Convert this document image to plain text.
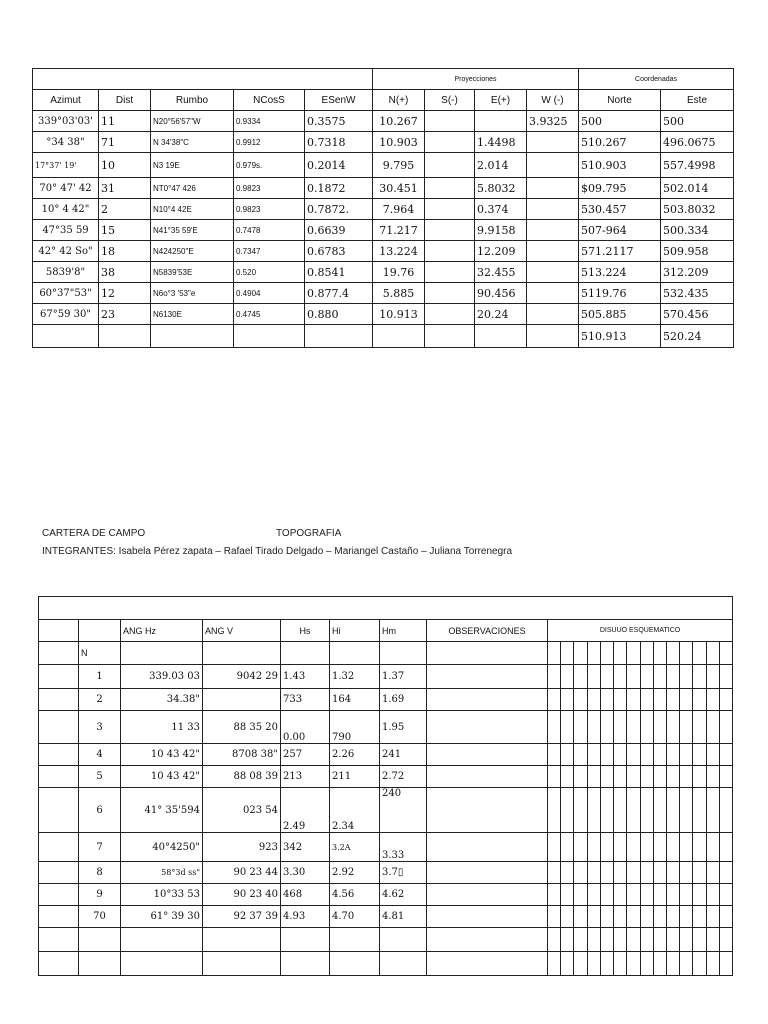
					Proyecciones				Coordenadas	
Azimut	Dist	Rumbo	NCosS	ESenW	N(+)	S(-)	E(+)	W (-)	Norte	Este
339°03'03'	11	N20°56'57"W	0.9334	0.3575	10.267			3.9325	500	500
°34 38"	71	N 34'38"C	0.9912	0.7318	10.903		1.4498		510.267	496.0675
17°37' 19'	10	N3 19E	0.979s.	0.2014	9.795		2.014		510.903	557.4998
70° 47' 42	31	NT0°47 426	0.9823	0.1872	30.451		5.8032		$09.795	502.014
10° 4 42"	2	N10°4 42E	0.9823	0.7872.	7.964		0.374		530.457	503.8032
47°35 59	15	N41°35 59'E	0.7478	0.6639	71.217		9.9158		507-964	500.334
42° 42 So"	18	N424250"E	0.7347	0.6783	13.224		12.209		571.2117	509.958
5839'8"	38	N5839'53E	0.520	0.8541	19.76		32.455		513.224	312.209
60°37"53"	12	N6o°3 '53"e	0.4904	0.877.4	5.885		90.456		5119.76	532.435
67°59 30"	23	N6130E	0.4745	0.880	10.913		20.24		505.885	570.456
									510.913	520.24
CARTERA DE CAMPO	TOPOGRAFIA
INTEGRANTES: Isabela Pérez zapata – Rafael Tirado Delgado – Mariangel Castaño – Juliana Torrenegra

		ANG Hz	ANG V	Hs	Hi	Hm	OBSERVACIONES	DISUUO ESQUEMATICO
	N							

	1	339.03 03	9042 29	1.43	1.32	1.37		

	2	34.38"		733	164	1.69		

	3	11 33	88 35 20	0.00	790	1.95		

	4	10 43 42"	8708 38"	257	2.26	241		

	5	10 43 42"	88 08 39	213	211	2.72		

	6	41° 35'594	023 54	2.49	2.34	240		

	7	40°4250"	923	342	3.2A	3.33		

	8	58°3d ss"	90 23 44	3.30	2.92	3.7▯		

	9	10°33 53	90 23 40	468	4.56	4.62		

	70	61° 39 30	92 37 39	4.93	4.70	4.81		
